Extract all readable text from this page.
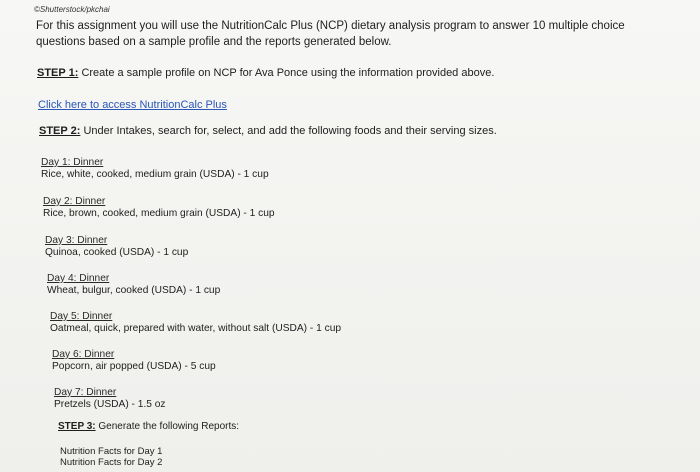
©Shutterstock/pkchai
For this assignment you will use the NutritionCalc Plus (NCP) dietary analysis program to answer 10 multiple choice questions based on a sample profile and the reports generated below.
STEP 1: Create a sample profile on NCP for Ava Ponce using the information provided above.
Click here to access NutritionCalc Plus
STEP 2: Under Intakes, search for, select, and add the following foods and their serving sizes.
Day 1: Dinner
Rice, white, cooked, medium grain (USDA) - 1 cup
Day 2: Dinner
Rice, brown, cooked, medium grain (USDA) - 1 cup
Day 3: Dinner
Quinoa, cooked (USDA) - 1 cup
Day 4: Dinner
Wheat, bulgur, cooked (USDA) - 1 cup
Day 5: Dinner
Oatmeal, quick, prepared with water, without salt (USDA) - 1 cup
Day 6: Dinner
Popcorn, air popped (USDA) - 5 cup
Day 7: Dinner
Pretzels (USDA) - 1.5 oz
STEP 3: Generate the following Reports:
Nutrition Facts for Day 1
Nutrition Facts for Day 2
